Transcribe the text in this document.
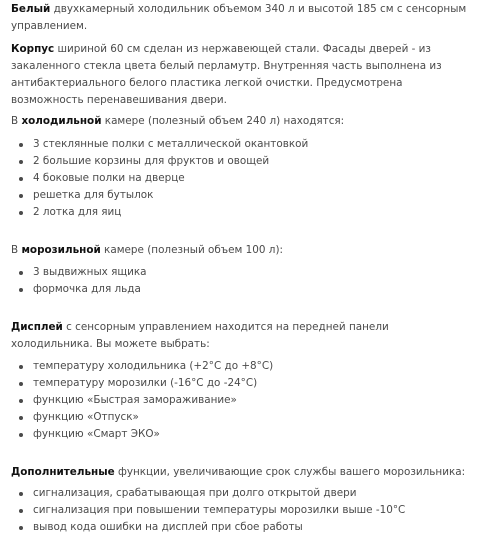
Белый двухкамерный холодильник объемом 340 л и высотой 185 см с сенсорным управлением.

Корпус шириной 60 см сделан из нержавеющей стали. Фасады дверей - из закаленного стекла цвета белый перламутр. Внутренняя часть выполнена из антибактериального белого пластика легкой очистки. Предусмотрена возможность перенавешивания двери.

В холодильной камере (полезный объем 240 л) находятся:

3 стеклянные полки с металлической окантовкой
2 большие корзины для фруктов и овощей
4 боковые полки на дверце
решетка для бутылок
2 лотка для яиц

В морозильной камере (полезный объем 100 л):

3 выдвижных ящика
формочка для льда

Дисплей с сенсорным управлением находится на передней панели холодильника. Вы можете выбрать:

температуру холодильника (+2°С до +8°С)
температуру морозилки (-16°С до -24°С)
функцию «Быстрая замораживание»
функцию «Отпуск»
функцию «Смарт ЭКО»

Дополнительные функции, увеличивающие срок службы вашего морозильника:

сигнализация, срабатывающая при долго открытой двери
сигнализация при повышении температуры морозилки выше -10°С
вывод кода ошибки на дисплей при сбое работы
